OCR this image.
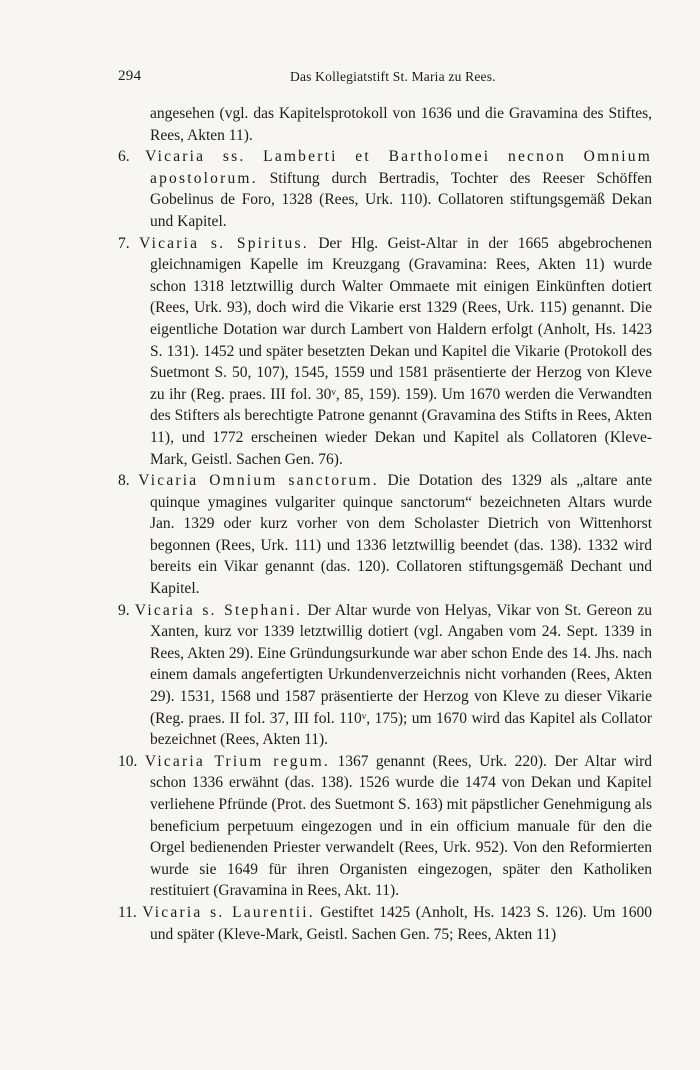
294	Das Kollegiatstift St. Maria zu Rees.

angesehen (vgl. das Kapitelsprotokoll von 1636 und die Gravamina des Stiftes, Rees, Akten 11).

6. Vicaria ss. Lamberti et Bartholomei necnon Omnium apostolorum. Stiftung durch Bertradis, Tochter des Reeser Schöffen Gobelinus de Foro, 1328 (Rees, Urk. 110). Collatoren stiftungsgemäß Dekan und Kapitel.

7. Vicaria s. Spiritus. Der Hlg. Geist-Altar in der 1665 abgebrochenen gleichnamigen Kapelle im Kreuzgang (Gravamina: Rees, Akten 11) wurde schon 1318 letztwillig durch Walter Ommaete mit einigen Einkünften dotiert (Rees, Urk. 93), doch wird die Vikarie erst 1329 (Rees, Urk. 115) genannt. Die eigentliche Dotation war durch Lambert von Haldern erfolgt (Anholt, Hs. 1423 S. 131). 1452 und später besetzten Dekan und Kapitel die Vikarie (Protokoll des Suetmont S. 50, 107), 1545, 1559 und 1581 präsentierte der Herzog von Kleve zu ihr (Reg. praes. III fol. 30ᵛ, 85, 159). 159). Um 1670 werden die Verwandten des Stifters als berechtigte Patrone genannt (Gravamina des Stifts in Rees, Akten 11), und 1772 erscheinen wieder Dekan und Kapitel als Collatoren (Kleve-Mark, Geistl. Sachen Gen. 76).

8. Vicaria Omnium sanctorum. Die Dotation des 1329 als „altare ante quinque ymagines vulgariter quinque sanctorum“ bezeichneten Altars wurde Jan. 1329 oder kurz vorher von dem Scholaster Dietrich von Wittenhorst begonnen (Rees, Urk. 111) und 1336 letztwillig beendet (das. 138). 1332 wird bereits ein Vikar genannt (das. 120). Collatoren stiftungsgemäß Dechant und Kapitel.

9. Vicaria s. Stephani. Der Altar wurde von Helyas, Vikar von St. Gereon zu Xanten, kurz vor 1339 letztwillig dotiert (vgl. Angaben vom 24. Sept. 1339 in Rees, Akten 29). Eine Gründungsurkunde war aber schon Ende des 14. Jhs. nach einem damals angefertigten Urkundenverzeichnis nicht vorhanden (Rees, Akten 29). 1531, 1568 und 1587 präsentierte der Herzog von Kleve zu dieser Vikarie (Reg. praes. II fol. 37, III fol. 110ᵛ, 175); um 1670 wird das Kapitel als Collator bezeichnet (Rees, Akten 11).

10. Vicaria Trium regum. 1367 genannt (Rees, Urk. 220). Der Altar wird schon 1336 erwähnt (das. 138). 1526 wurde die 1474 von Dekan und Kapitel verliehene Pfründe (Prot. des Suetmont S. 163) mit päpstlicher Genehmigung als beneficium perpetuum eingezogen und in ein officium manuale für den die Orgel bedienenden Priester verwandelt (Rees, Urk. 952). Von den Reformierten wurde sie 1649 für ihren Organisten eingezogen, später den Katholiken restituiert (Gravamina in Rees, Akt. 11).

11. Vicaria s. Laurentii. Gestiftet 1425 (Anholt, Hs. 1423 S. 126). Um 1600 und später (Kleve-Mark, Geistl. Sachen Gen. 75; Rees, Akten 11)
